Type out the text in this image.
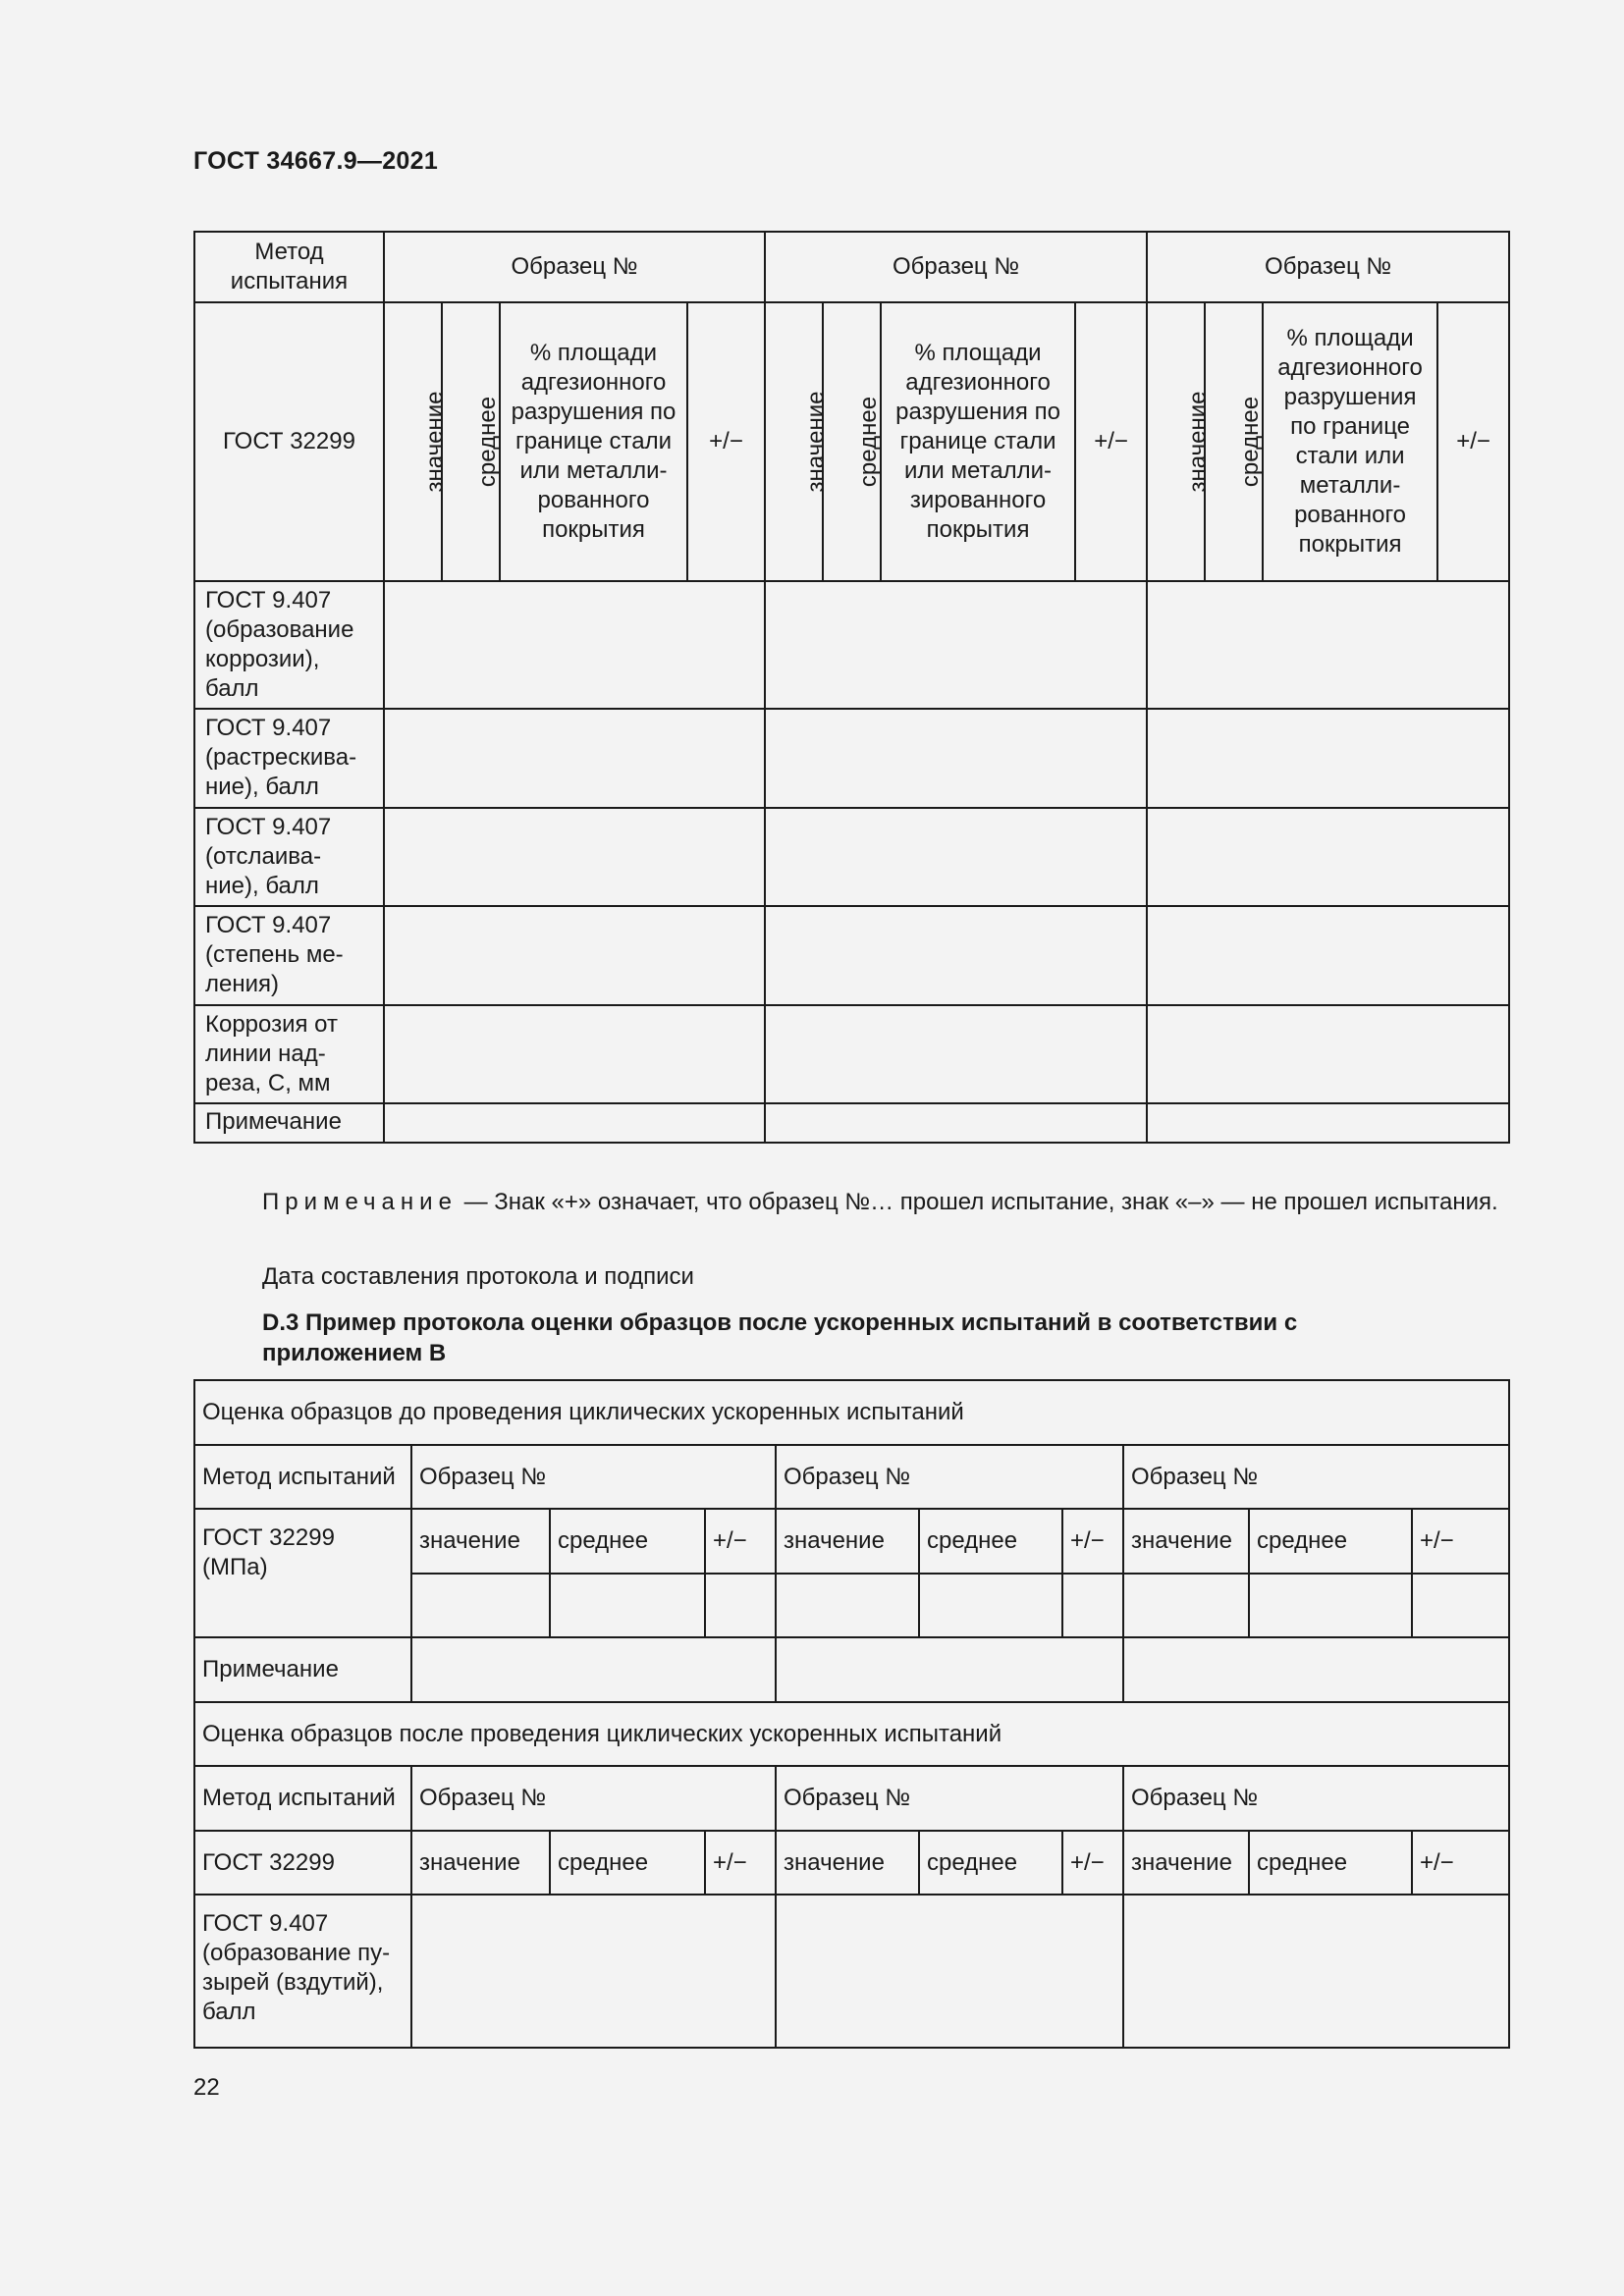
ГОСТ 34667.9—2021
Метод испытания	Образец №				Образец №				Образец №			
ГОСТ 32299	значение	среднее	% площади адгезионного разрушения по границе стали или металли-рованного покрытия	+/−	значение	среднее	% площади адгезионного разрушения по границе стали или металли-зированного покрытия	+/−	значение	среднее	% площади адгезионного разрушения по границе стали или металли-рованного покрытия	+/−
ГОСТ 9.407 (образование коррозии), балл												
ГОСТ 9.407 (растрескива-ние), балл												
ГОСТ 9.407 (отслаива-ние), балл												
ГОСТ 9.407 (степень ме-ления)												
Коррозия от линии над-реза, С, мм												
Примечание												
Примечание — Знак «+» означает, что образец №… прошел испытание, знак «–» — не прошел испытания.
Дата составления протокола и подписи
D.3 Пример протокола оценки образцов после ускоренных испытаний в соответствии с приложением В
Оценка образцов до проведения циклических ускоренных испытаний									
Метод испытаний	Образец №			Образец №			Образец №		
ГОСТ 32299 (МПа)	значение	среднее	+/−	значение	среднее	+/−	значение	среднее	+/−

Примечание									
Оценка образцов после проведения циклических ускоренных испытаний									
Метод испытаний	Образец №			Образец №			Образец №		
ГОСТ 32299	значение	среднее	+/−	значение	среднее	+/−	значение	среднее	+/−
ГОСТ 9.407 (образование пу-зырей (вздутий), балл									
22
